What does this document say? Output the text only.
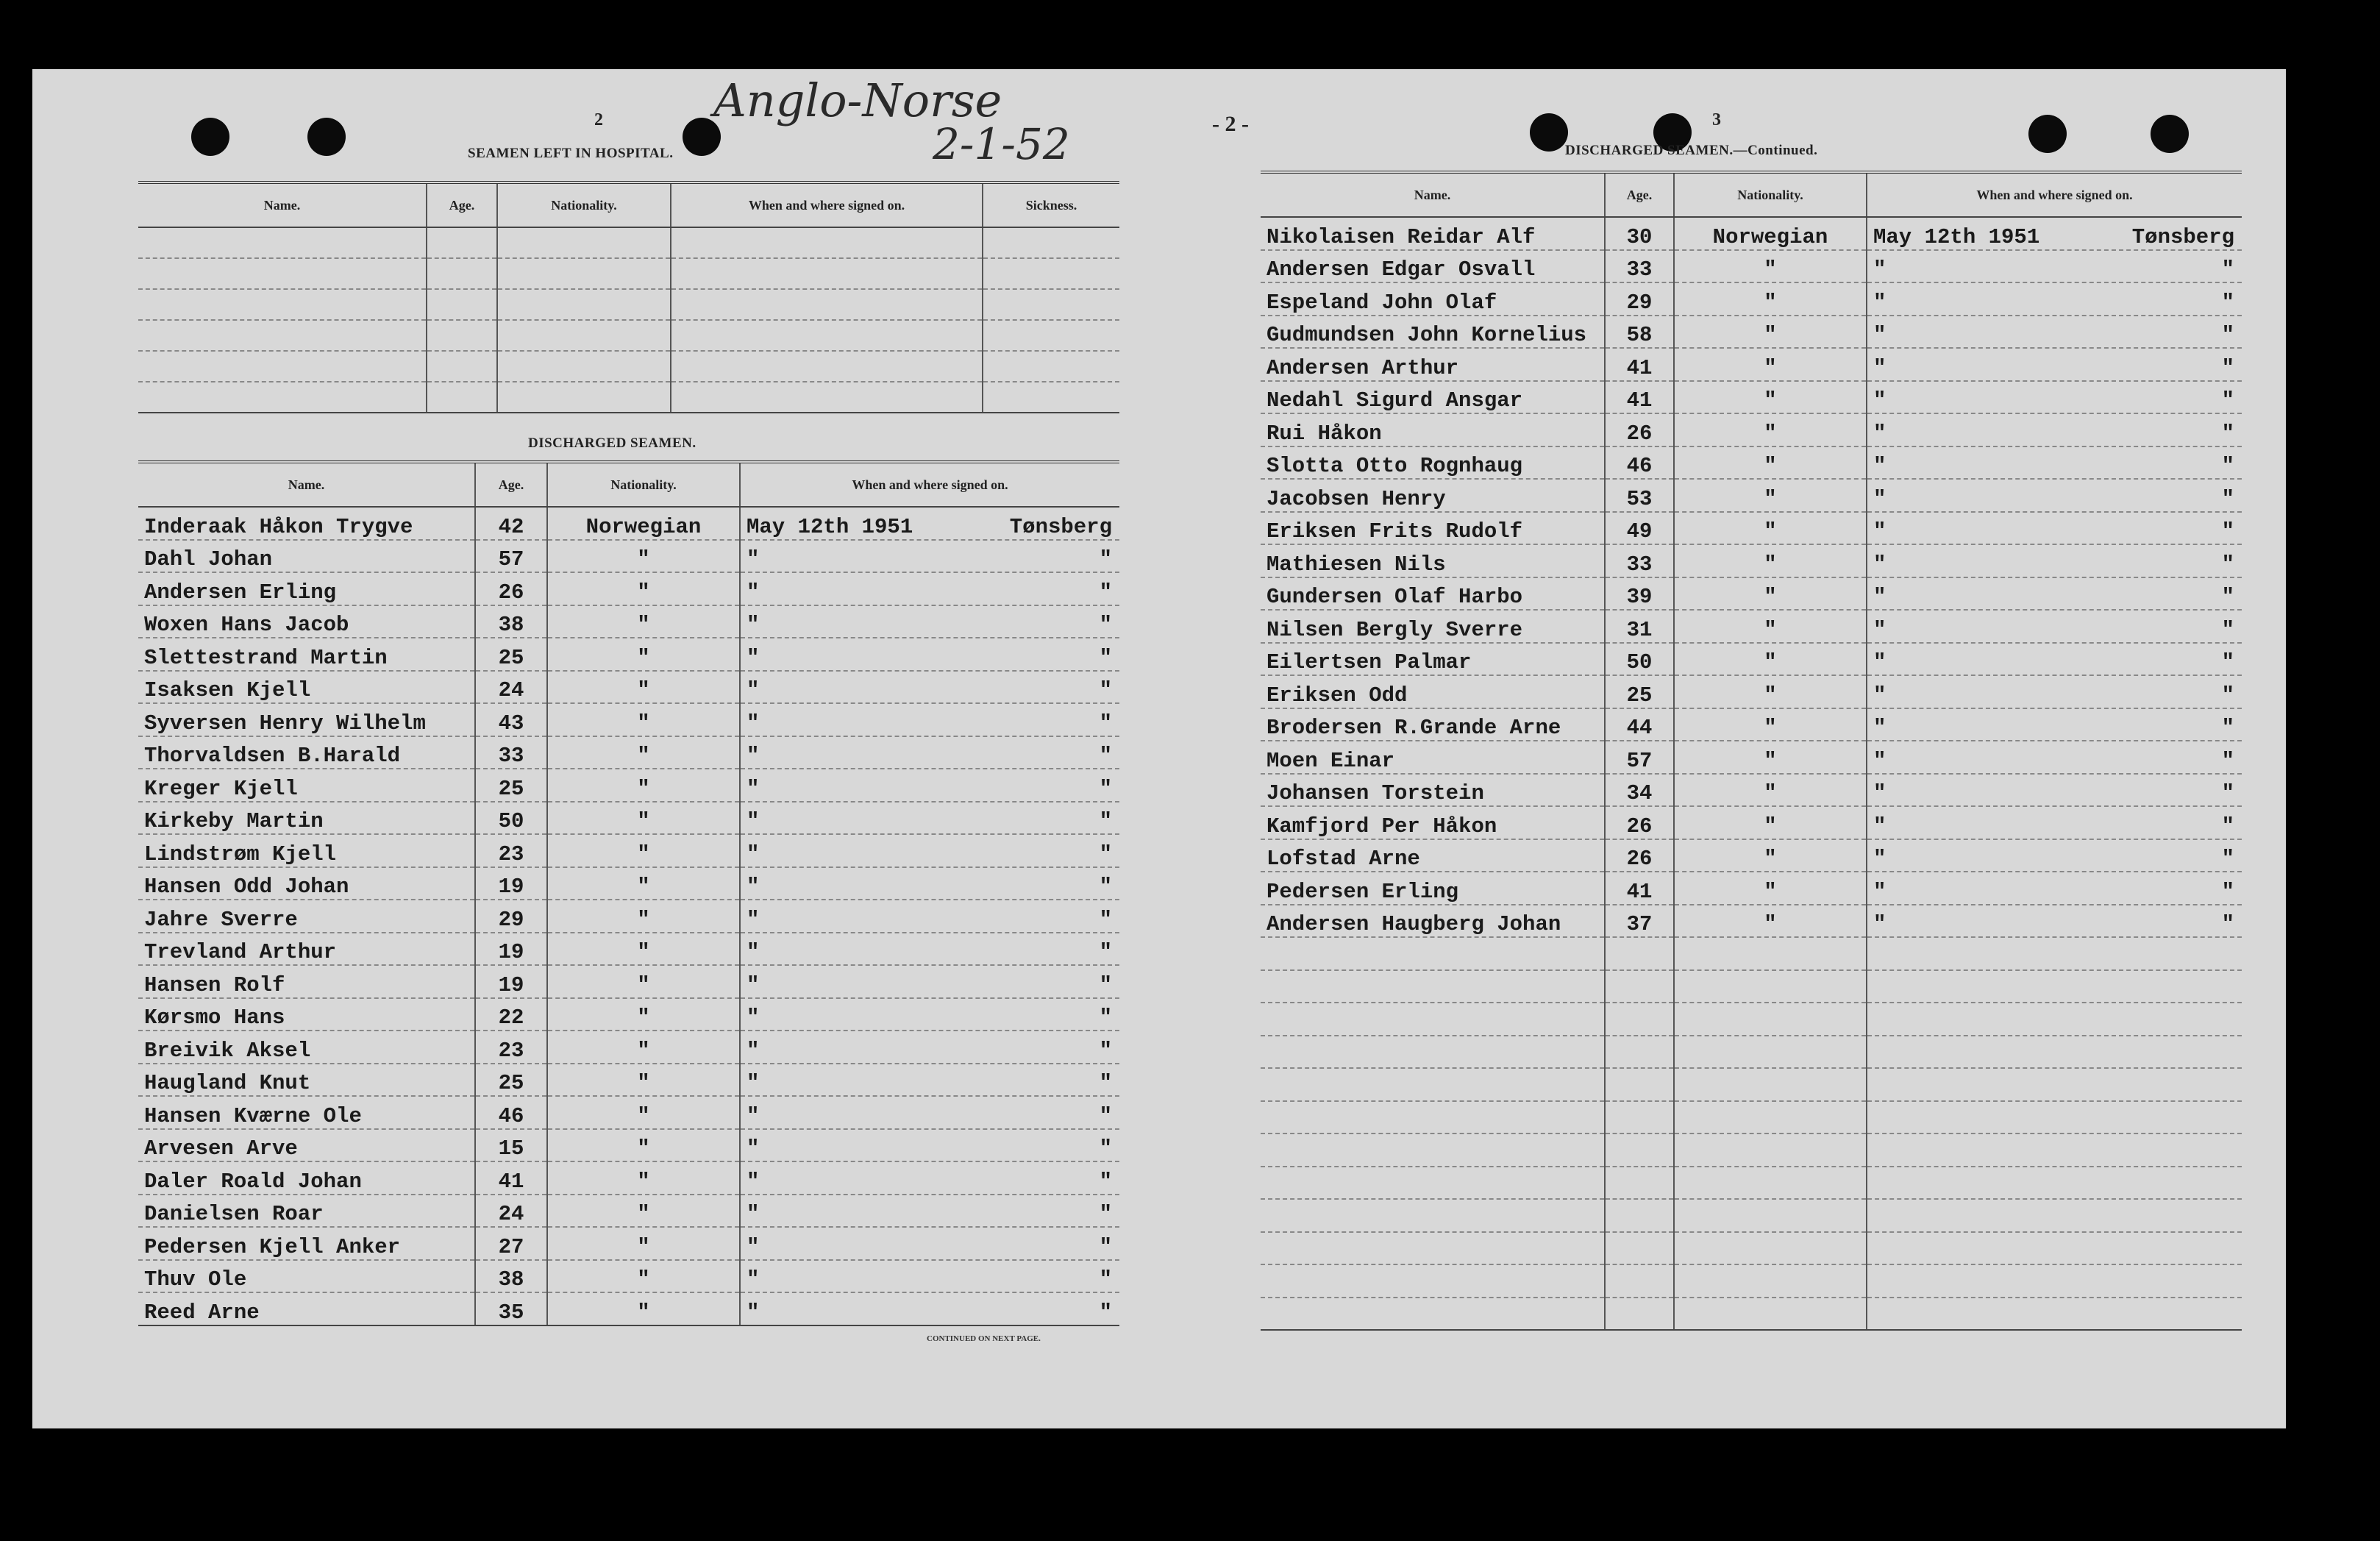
2
SEAMEN LEFT IN HOSPITAL.
Anglo-Norse
2-1-52
Name.	Age.	Nationality.	When and where signed on.	Sickness.

DISCHARGED SEAMEN.
Name.	Age.	Nationality.	When and where signed on.
Inderaak Håkon Trygve	42	Norwegian	May 12th 1951 Tønsberg

Dahl Johan	57	"	" "

Andersen Erling	26	"	" "

Woxen Hans Jacob	38	"	" "

Slettestrand Martin	25	"	" "

Isaksen Kjell	24	"	" "

Syversen Henry Wilhelm	43	"	" "

Thorvaldsen B.Harald	33	"	" "

Kreger Kjell	25	"	" "

Kirkeby Martin	50	"	" "

Lindstrøm Kjell	23	"	" "

Hansen Odd Johan	19	"	" "

Jahre Sverre	29	"	" "

Trevland Arthur	19	"	" "

Hansen Rolf	19	"	" "

Kørsmo Hans	22	"	" "

Breivik Aksel	23	"	" "

Haugland Knut	25	"	" "

Hansen Kværne Ole	46	"	" "

Arvesen Arve	15	"	" "

Daler Roald Johan	41	"	" "

Danielsen Roar	24	"	" "

Pedersen Kjell Anker	27	"	" "

Thuv Ole	38	"	" "

Reed Arne	35	"	" "
CONTINUED ON NEXT PAGE.
- 2 -	3
DISCHARGED SEAMEN.—Continued.
Name.	Age.	Nationality.	When and where signed on.
Nikolaisen Reidar Alf	30	Norwegian	May 12th 1951 Tønsberg

Andersen Edgar Osvall	33	"	" "

Espeland John Olaf	29	"	" "

Gudmundsen John Kornelius	58	"	" "

Andersen Arthur	41	"	" "

Nedahl Sigurd Ansgar	41	"	" "

Rui Håkon	26	"	" "

Slotta Otto Rognhaug	46	"	" "

Jacobsen Henry	53	"	" "

Eriksen Frits Rudolf	49	"	" "

Mathiesen Nils	33	"	" "

Gundersen Olaf Harbo	39	"	" "

Nilsen Bergly Sverre	31	"	" "

Eilertsen Palmar	50	"	" "

Eriksen Odd	25	"	" "

Brodersen R.Grande Arne	44	"	" "

Moen Einar	57	"	" "

Johansen Torstein	34	"	" "

Kamfjord Per Håkon	26	"	" "

Lofstad Arne	26	"	" "

Pedersen Erling	41	"	" "

Andersen Haugberg Johan	37	"	" "
